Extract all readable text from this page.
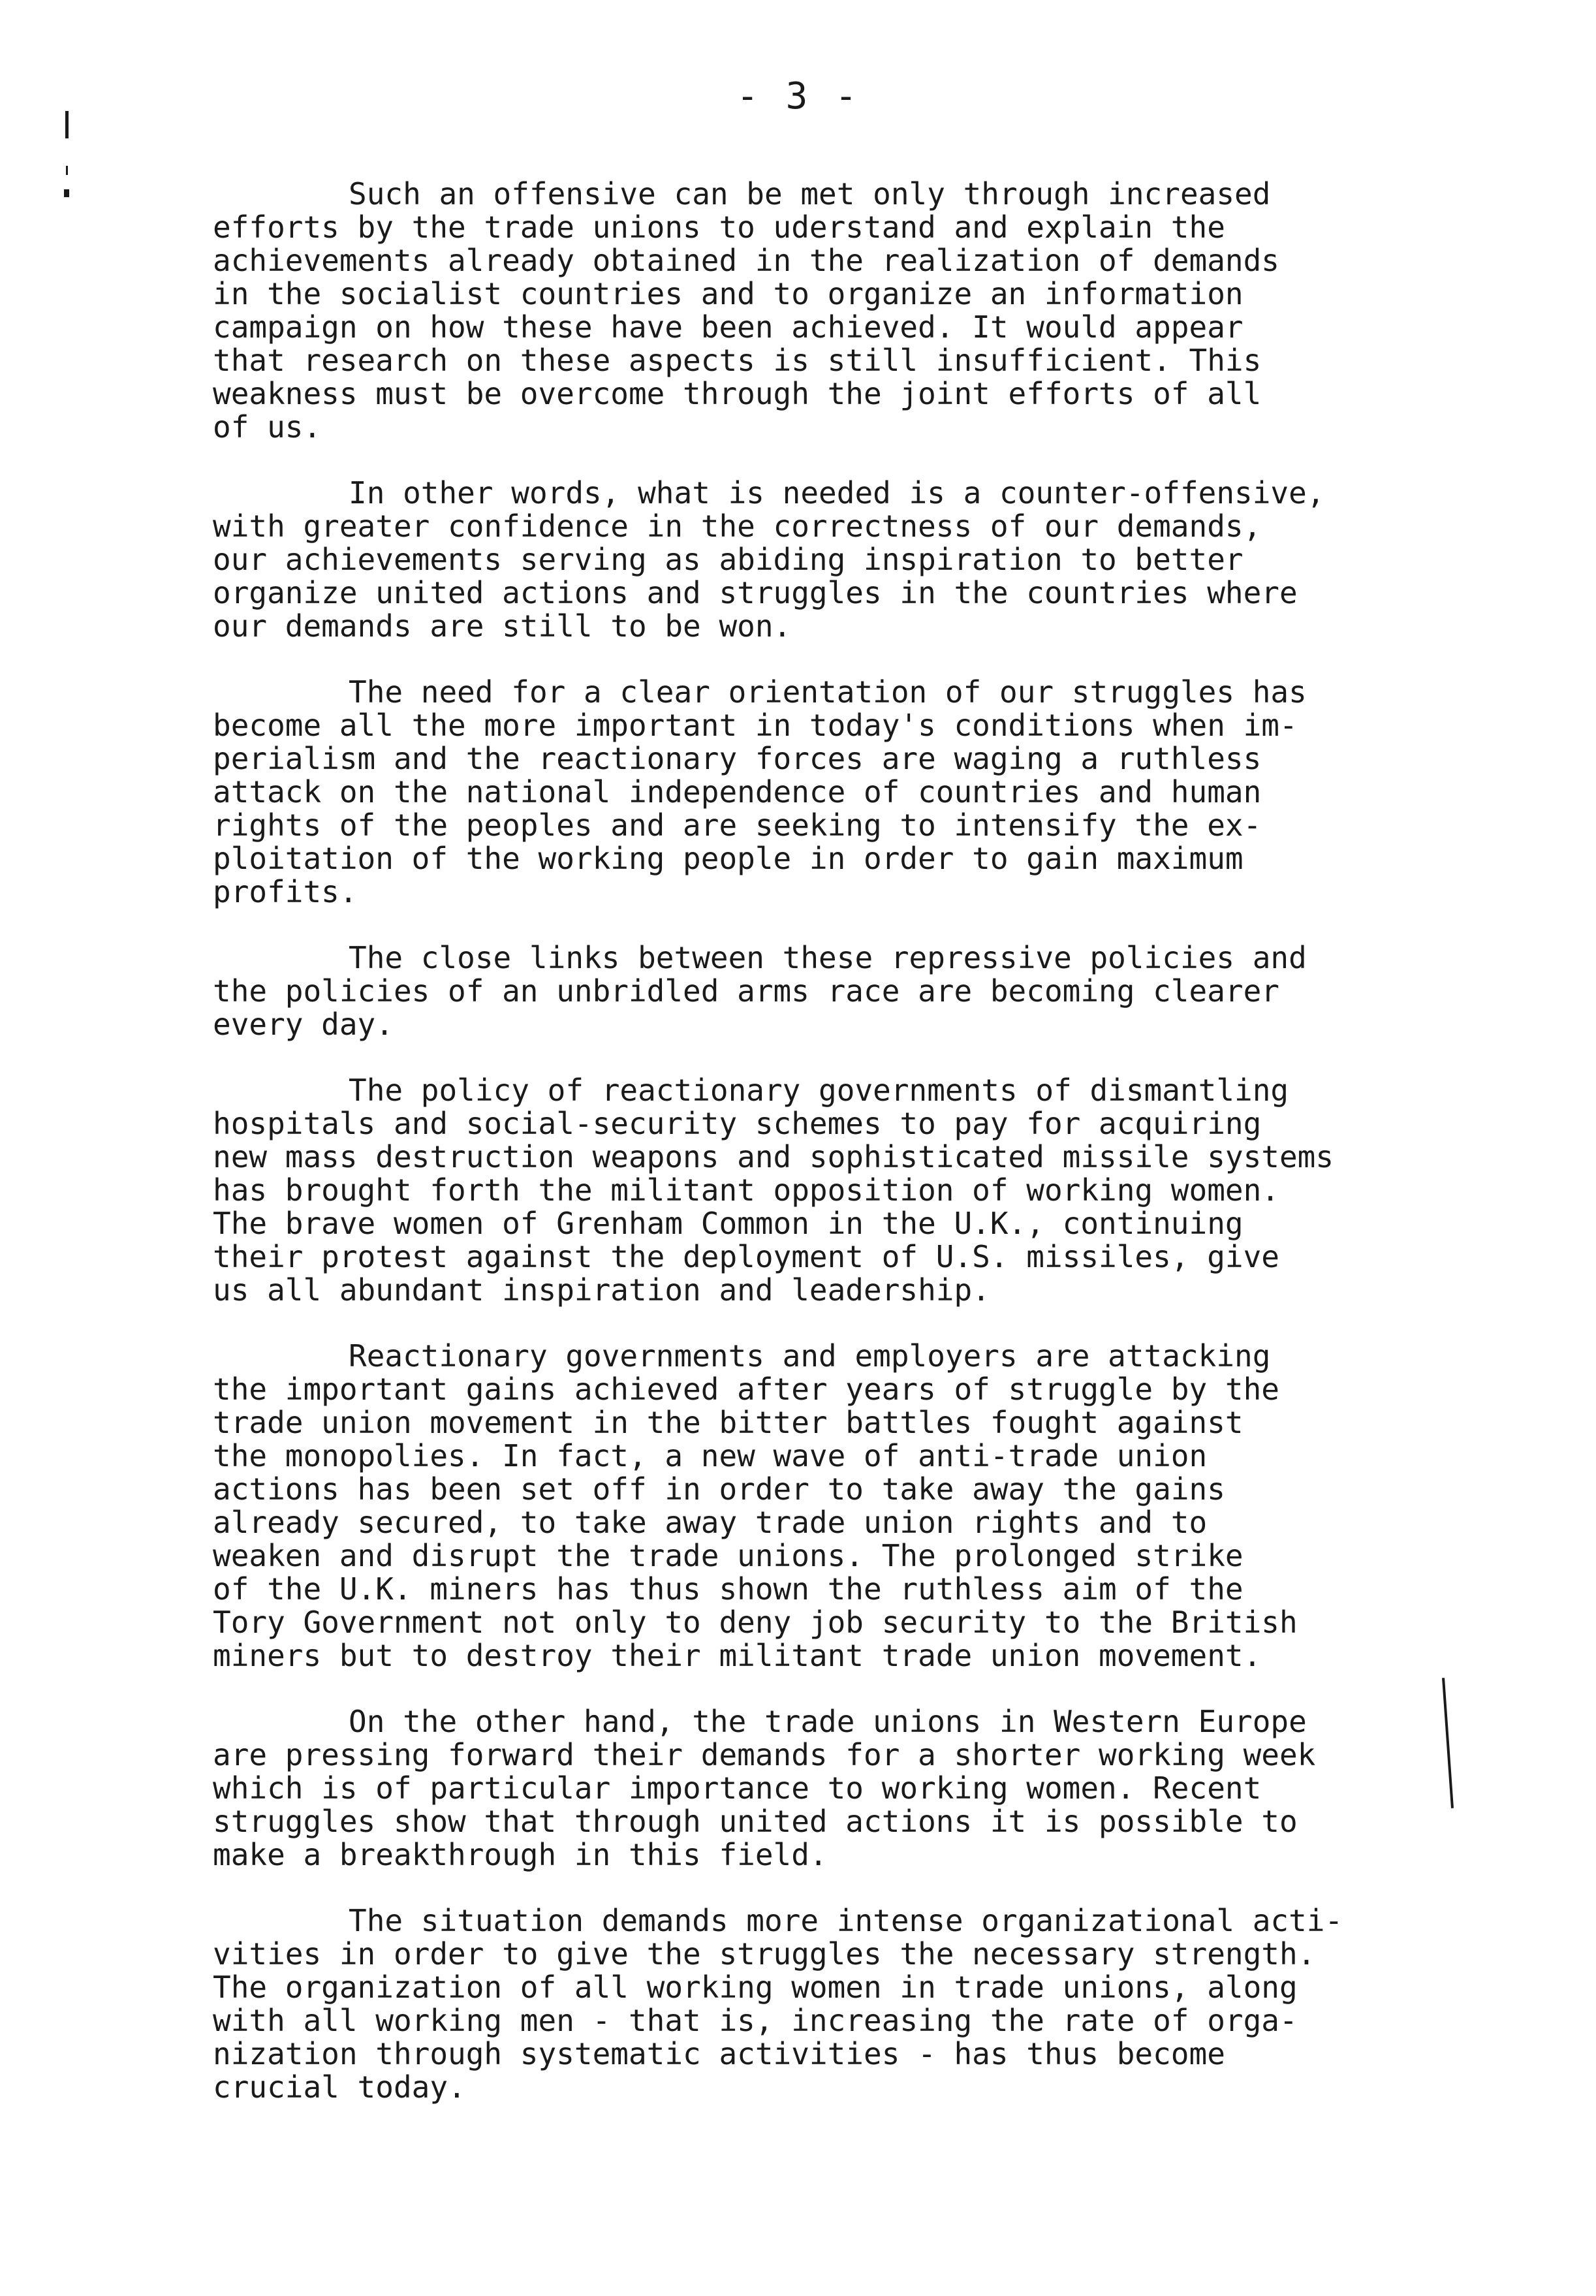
- 3 -
Such an offensive can be met only through increased
efforts by the trade unions to uderstand and explain the
achievements already obtained in the realization of demands
in the socialist countries and to organize an information
campaign on how these have been achieved. It would appear
that research on these aspects is still insufficient. This
weakness must be overcome through the joint efforts of all
of us.
In other words, what is needed is a counter-offensive,
with greater confidence in the correctness of our demands,
our achievements serving as abiding inspiration to better
organize united actions and struggles in the countries where
our demands are still to be won.
The need for a clear orientation of our struggles has
become all the more important in today's conditions when im-
perialism and the reactionary forces are waging a ruthless
attack on the national independence of countries and human
rights of the peoples and are seeking to intensify the ex-
ploitation of the working people in order to gain maximum
profits.
The close links between these repressive policies and
the policies of an unbridled arms race are becoming clearer
every day.
The policy of reactionary governments of dismantling
hospitals and social-security schemes to pay for acquiring
new mass destruction weapons and sophisticated missile systems
has brought forth the militant opposition of working women.
The brave women of Grenham Common in the U.K., continuing
their protest against the deployment of U.S. missiles, give
us all abundant inspiration and leadership.
Reactionary governments and employers are attacking
the important gains achieved after years of struggle by the
trade union movement in the bitter battles fought against
the monopolies. In fact, a new wave of anti-trade union
actions has been set off in order to take away the gains
already secured, to take away trade union rights and to
weaken and disrupt the trade unions. The prolonged strike
of the U.K. miners has thus shown the ruthless aim of the
Tory Government not only to deny job security to the British
miners but to destroy their militant trade union movement.
On the other hand, the trade unions in Western Europe
are pressing forward their demands for a shorter working week
which is of particular importance to working women. Recent
struggles show that through united actions it is possible to
make a breakthrough in this field.
The situation demands more intense organizational acti-
vities in order to give the struggles the necessary strength.
The organization of all working women in trade unions, along
with all working men - that is, increasing the rate of orga-
nization through systematic activities - has thus become
crucial today.
